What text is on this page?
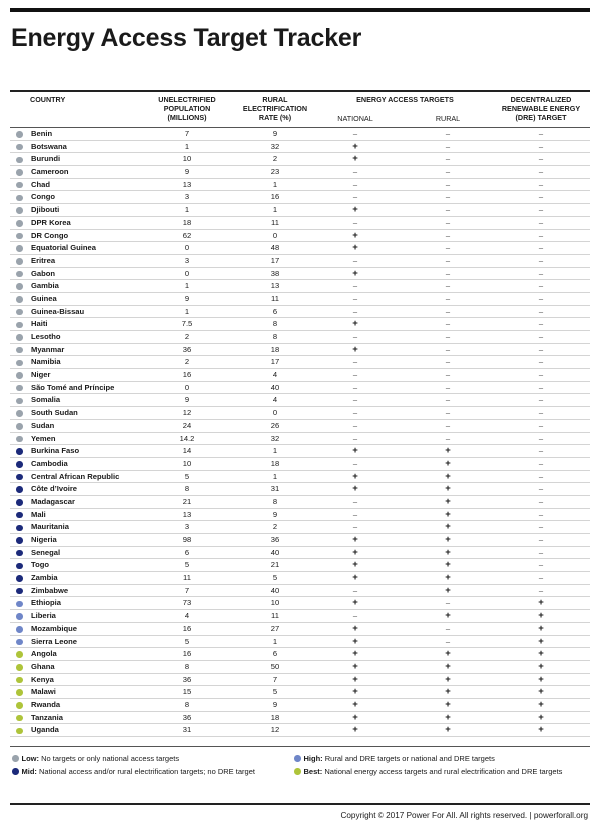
Energy Access Target Tracker
COUNTRY	UNELECTRIFIED
POPULATION
(MILLIONS)
RURAL
ELECTRIFICATION
RATE (%)
ENERGY ACCESS TARGETS
NATIONAL	RURAL
DECENTRALIZED
RENEWABLE ENERGY
(DRE) TARGET
Benin	7	9	–	–	–
Botswana	1	32	+	–	–
Burundi	10	2	+	–	–
Cameroon	9	23	–	–	–
Chad	13	1	–	–	–
Congo	3	16	–	–	–
Djibouti	1	1	+	–	–
DPR Korea	18	11	–	–	–
DR Congo	62	0	+	–	–
Equatorial Guinea	0	48	+	–	–
Eritrea	3	17	–	–	–
Gabon	0	38	+	–	–
Gambia	1	13	–	–	–
Guinea	9	11	–	–	–
Guinea-Bissau	1	6	–	–	–
Haiti	7.5	8	+	–	–
Lesotho	2	8	–	–	–
Myanmar	36	18	+	–	–
Namibia	2	17	–	–	–
Niger	16	4	–	–	–
São Tomé and Príncipe	0	40	–	–	–
Somalia	9	4	–	–	–
South Sudan	12	0	–	–	–
Sudan	24	26	–	–	–
Yemen	14.2	32	–	–	–
Burkina Faso	14	1	+	+	–
Cambodia	10	18	–	+	–
Central African Republic	5	1	+	+	–
Côte d’Ivoire	8	31	+	+	–
Madagascar	21	8	–	+	–
Mali	13	9	–	+	–
Mauritania	3	2	–	+	–
Nigeria	98	36	+	+	–
Senegal	6	40	+	+	–
Togo	5	21	+	+	–
Zambia	11	5	+	+	–
Zimbabwe	7	40	–	+	–
Ethiopia	73	10	+	–	+
Liberia	4	11	–	+	+
Mozambique	16	27	+	–	+
Sierra Leone	5	1	+	–	+
Angola	16	6	+	+	+
Ghana	8	50	+	+	+
Kenya	36	7	+	+	+
Malawi	15	5	+	+	+
Rwanda	8	9	+	+	+
Tanzania	36	18	+	+	+
Uganda	31	12	+	+	+
Low: No targets or only national access targets
Mid: National access and/or rural electrification targets; no DRE target
High: Rural and DRE targets or national and DRE targets
Best: National energy access targets and rural electrification and DRE targets
Copyright © 2017 Power For All. All rights reserved. | powerforall.org
